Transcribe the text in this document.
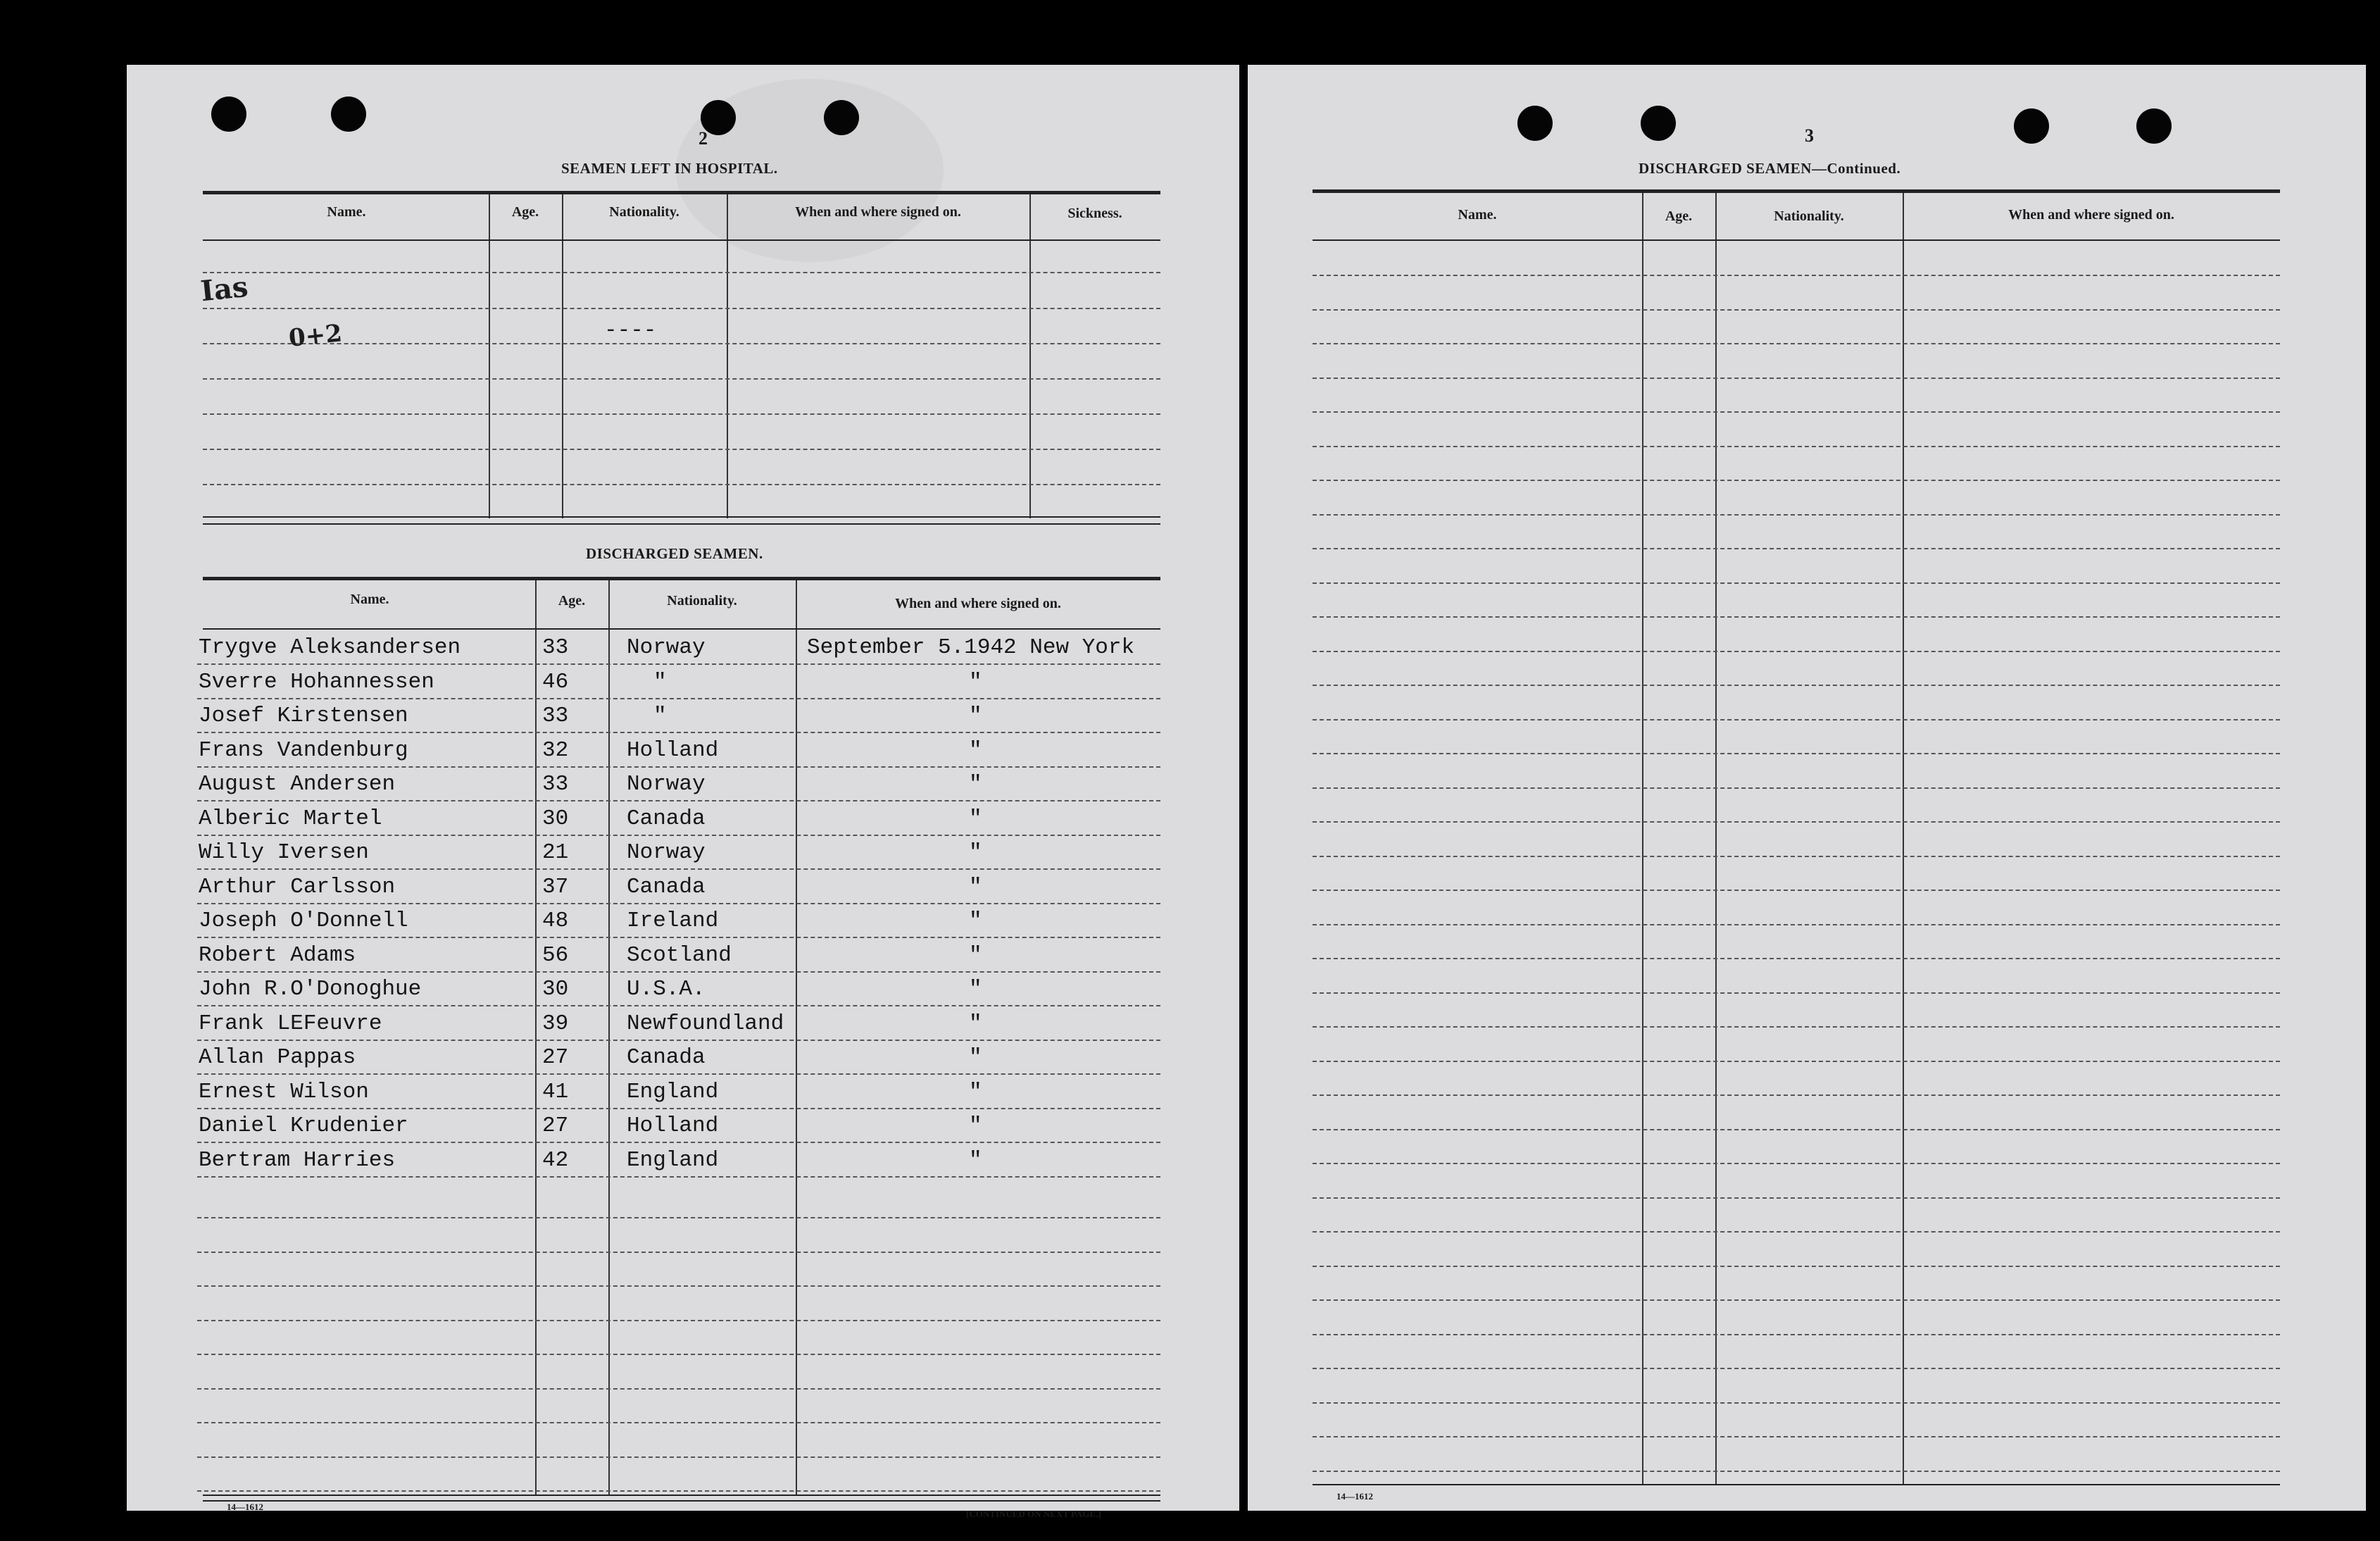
2
SEAMEN LEFT IN HOSPITAL.
Name.	Age.	Nationality.	When and where signed on.	Sickness.
Ias
0+2	----
DISCHARGED SEAMEN.
Name.	Age.	Nationality.	When and where signed on.
Trygve Aleksandersen	33	Norway	September 5.1942 New York
Sverre Hohannessen	46	"	"
Josef Kirstensen	33	"	"
Frans Vandenburg	32	Holland	"
August Andersen	33	Norway	"
Alberic Martel	30	Canada	"
Willy Iversen	21	Norway	"
Arthur Carlsson	37	Canada	"
Joseph O'Donnell	48	Ireland	"
Robert Adams	56	Scotland	"
John R.O'Donoghue	30	U.S.A.	"
Frank LEFeuvre	39	Newfoundland	"
Allan Pappas	27	Canada	"
Ernest Wilson	41	England	"
Daniel Krudenier	27	Holland	"
Bertram Harries	42	England	"
14—1612
[CONTINUED ON NEXT PAGE.]
3
DISCHARGED SEAMEN—Continued.
Name.	Age.	Nationality.	When and where signed on.
14—1612
